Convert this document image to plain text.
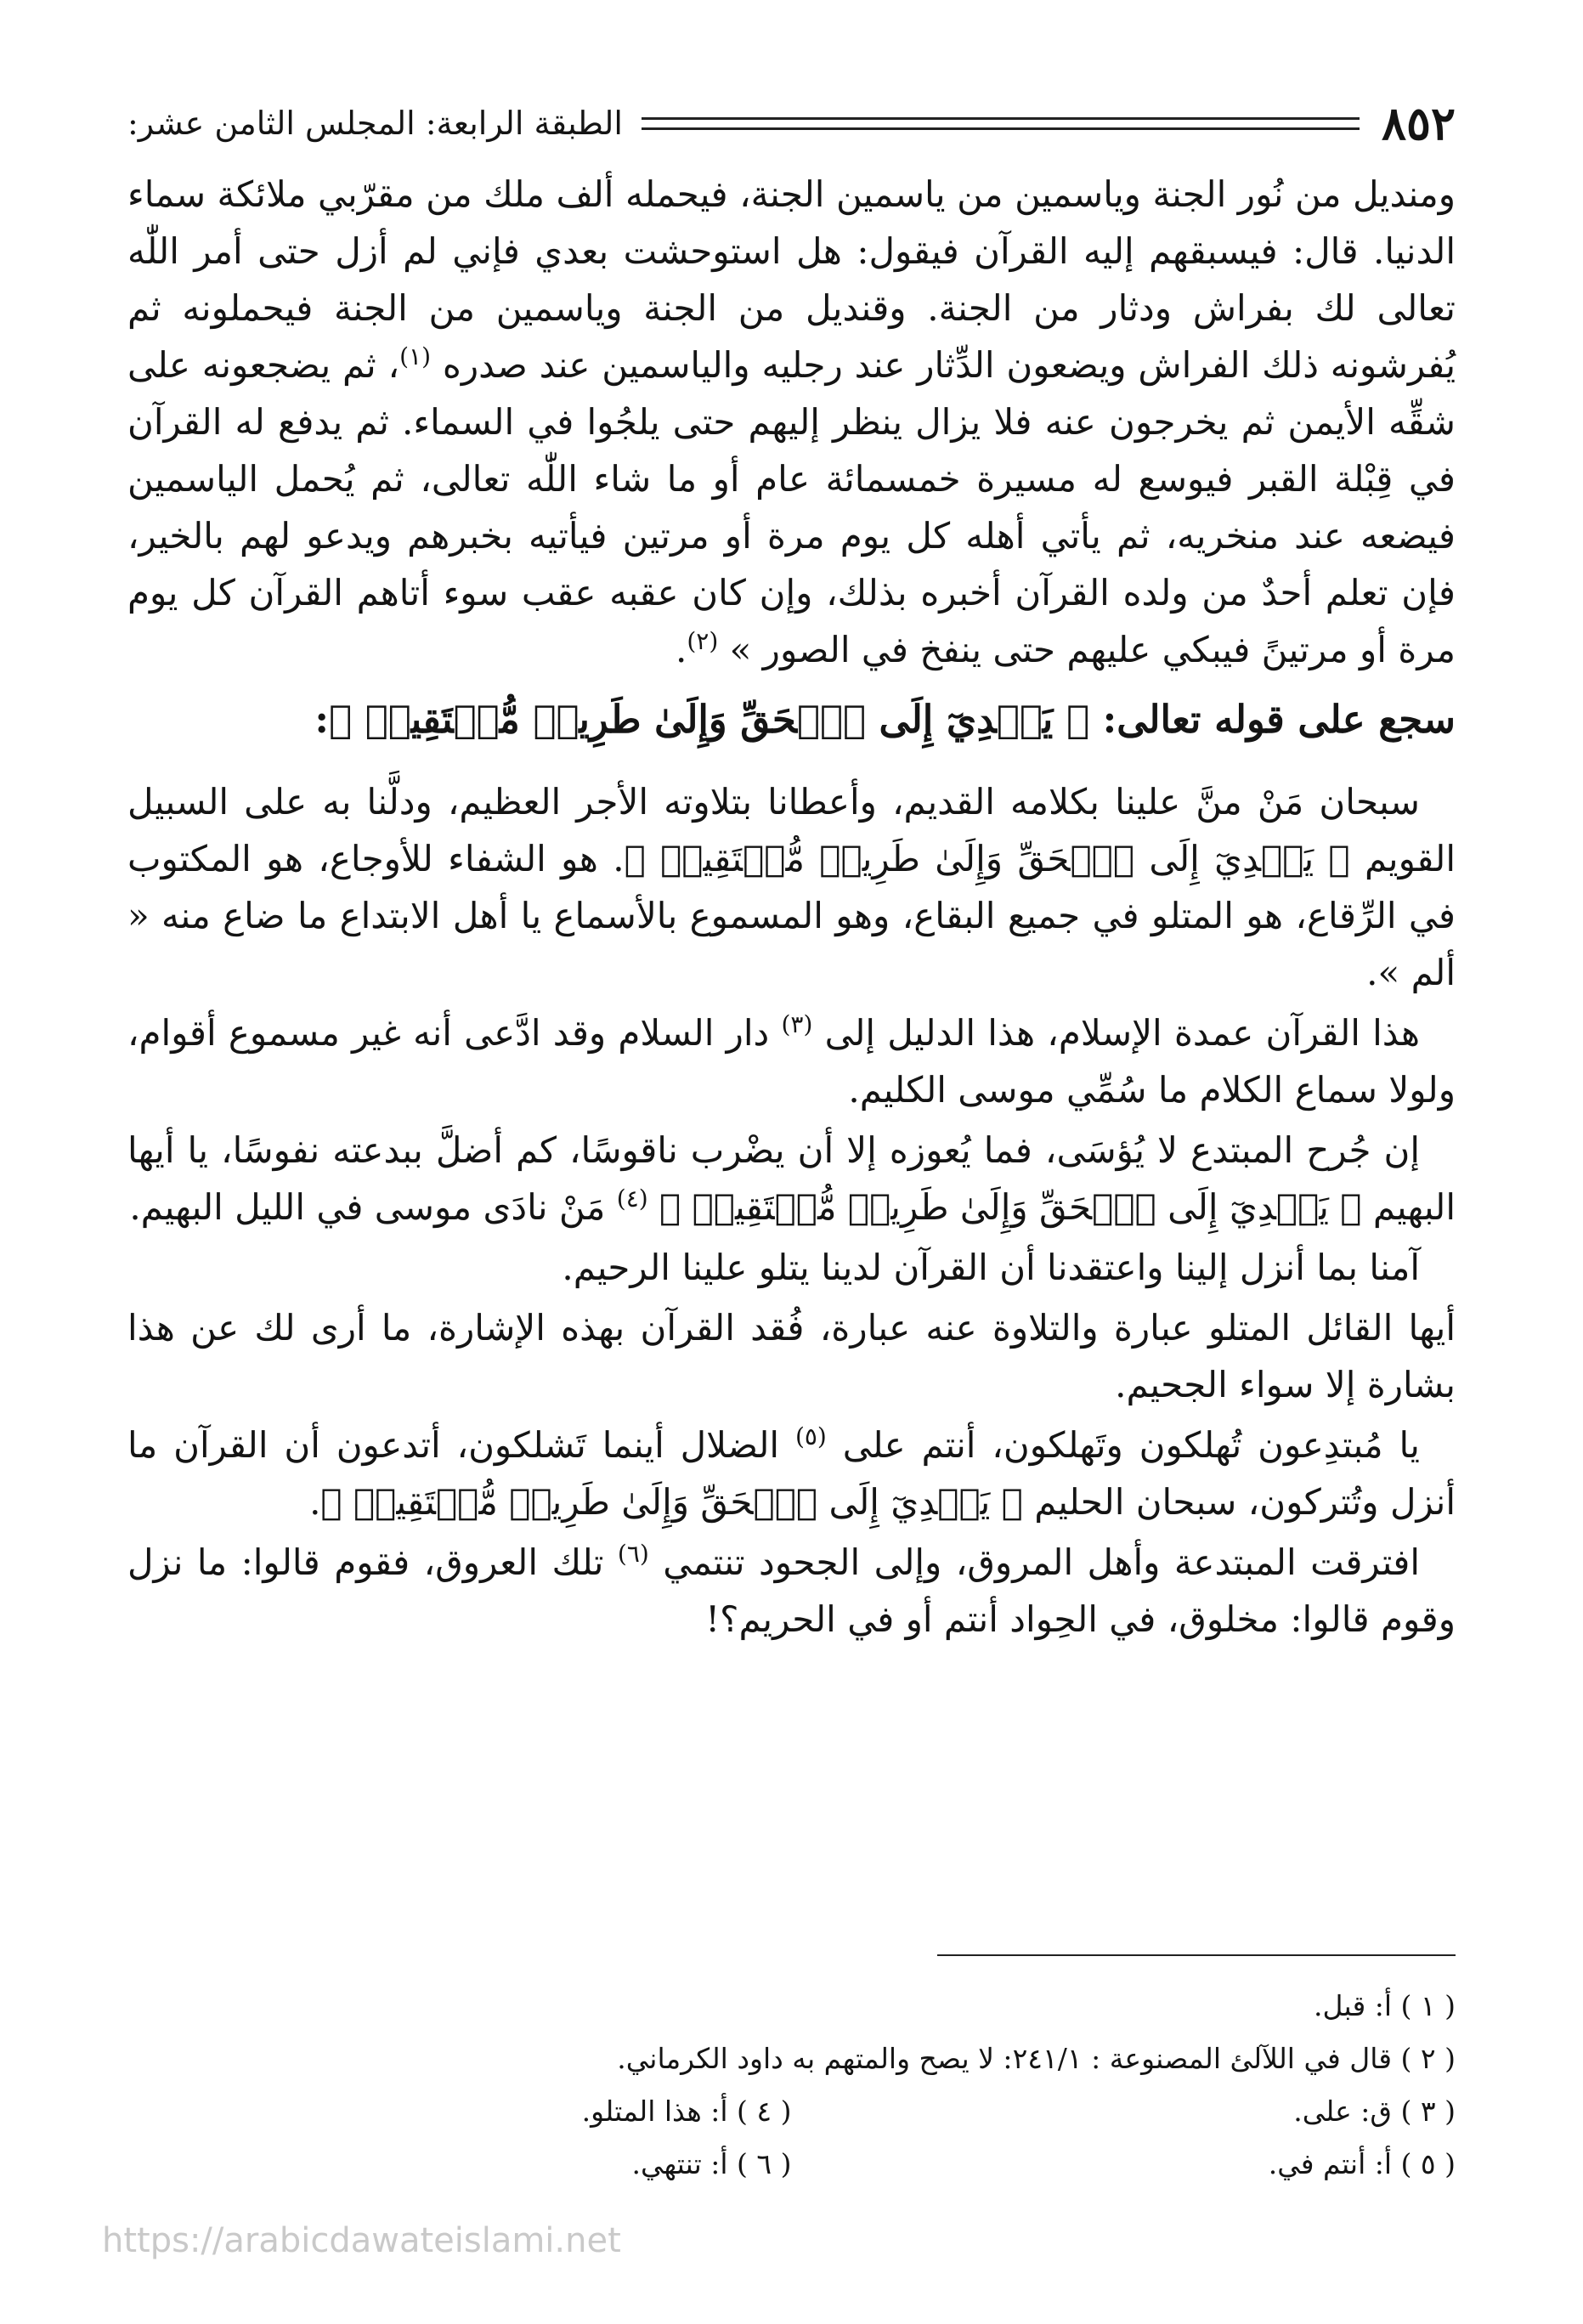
٨٥٢
الطبقة الرابعة: المجلس الثامن عشر:

ومنديل من نُور الجنة وياسمين من ياسمين الجنة، فيحمله ألف ملك من مقرّبي ملائكة سماء الدنيا. قال: فيسبقهم إليه القرآن فيقول: هل استوحشت بعدي فإني لم أزل حتى أمر اللّٰه تعالى لك بفراش ودثار من الجنة. وقنديل من الجنة وياسمين من الجنة فيحملونه ثم يُفرشونه ذلك الفراش ويضعون الدِّثار عند رجليه والياسمين عند صدره $^{(١)}$، ثم يضجعونه على شقِّه الأيمن ثم يخرجون عنه فلا يزال ينظر إليهم حتى يلجُوا في السماء. ثم يدفع له القرآن في قِبْلة القبر فيوسع له مسيرة خمسمائة عام أو ما شاء اللّٰه تعالى، ثم يُحمل الياسمين فيضعه عند منخريه، ثم يأتي أهله كل يوم مرة أو مرتين فيأتيه بخبرهم ويدعو لهم بالخير، فإن تعلم أحدٌ من ولده القرآن أخبره بذلك، وإن كان عقبه عقب سوء أتاهم القرآن كل يوم مرة أو مرتينً فيبكي عليهم حتى ينفخ في الصور » $^{(٢)}$.

سجع على قوله تعالى: ﴿ يَهۡدِيٓ إِلَى ٱلۡحَقِّ وَإِلَىٰ طَرِيقٖ مُّسۡتَقِيمٖ ﴾:

سبحان مَنْ منَّ علينا بكلامه القديم، وأعطانا بتلاوته الأجر العظيم، ودلَّنا به على السبيل القويم ﴿ يَهۡدِيٓ إِلَى ٱلۡحَقِّ وَإِلَىٰ طَرِيقٖ مُّسۡتَقِيمٖ ﴾. هو الشفاء للأوجاع، هو المكتوب في الرِّقاع، هو المتلو في جميع البقاع، وهو المسموع بالأسماع يا أهل الابتداع ما ضاع منه « ألم ».

هذا القرآن عمدة الإسلام، هذا الدليل إلى $^{(٣)}$ دار السلام وقد ادَّعى أنه غير مسموع أقوام، ولولا سماع الكلام ما سُمِّي موسى الكليم.

إن جُرح المبتدع لا يُؤسَى، فما يُعوزه إلا أن يضْرب ناقوسًا، كم أضلَّ ببدعته نفوسًا، يا أيها البهيم ﴿ يَهۡدِيٓ إِلَى ٱلۡحَقِّ وَإِلَىٰ طَرِيقٖ مُّسۡتَقِيمٖ ﴾ $^{(٤)}$ مَنْ نادَى موسى في الليل البهيم.

آمنا بما أنزل إلينا واعتقدنا أن القرآن لدينا يتلو علينا الرحيم.

أيها القائل المتلو عبارة والتلاوة عنه عبارة، فُقد القرآن بهذه الإشارة، ما أرى لك عن هذا بشارة إلا سواء الجحيم.

يا مُبتدِعون تُهلكون وتَهلكون، أنتم على $^{(٥)}$ الضلال أينما تَشلكون، أتدعون أن القرآن ما أنزل وتُتركون، سبحان الحليم ﴿ يَهۡدِيٓ إِلَى ٱلۡحَقِّ وَإِلَىٰ طَرِيقٖ مُّسۡتَقِيمٖ ﴾.

افترقت المبتدعة وأهل المروق، وإلى الجحود تنتمي $^{(٦)}$ تلك العروق، فقوم قالوا: ما نزل وقوم قالوا: مخلوق، في الحِواد أنتم أو في الحريم؟!

( ١ ) أ: قبل.
( ٢ ) قال في اللآلئ المصنوعة : ٢٤١/١: لا يصح والمتهم به داود الكرماني.
( ٣ ) ق: على.
( ٤ ) أ: هذا المتلو.
( ٥ ) أ: أنتم في.
( ٦ ) أ: تنتهي.
https://arabicdawateislami.net
